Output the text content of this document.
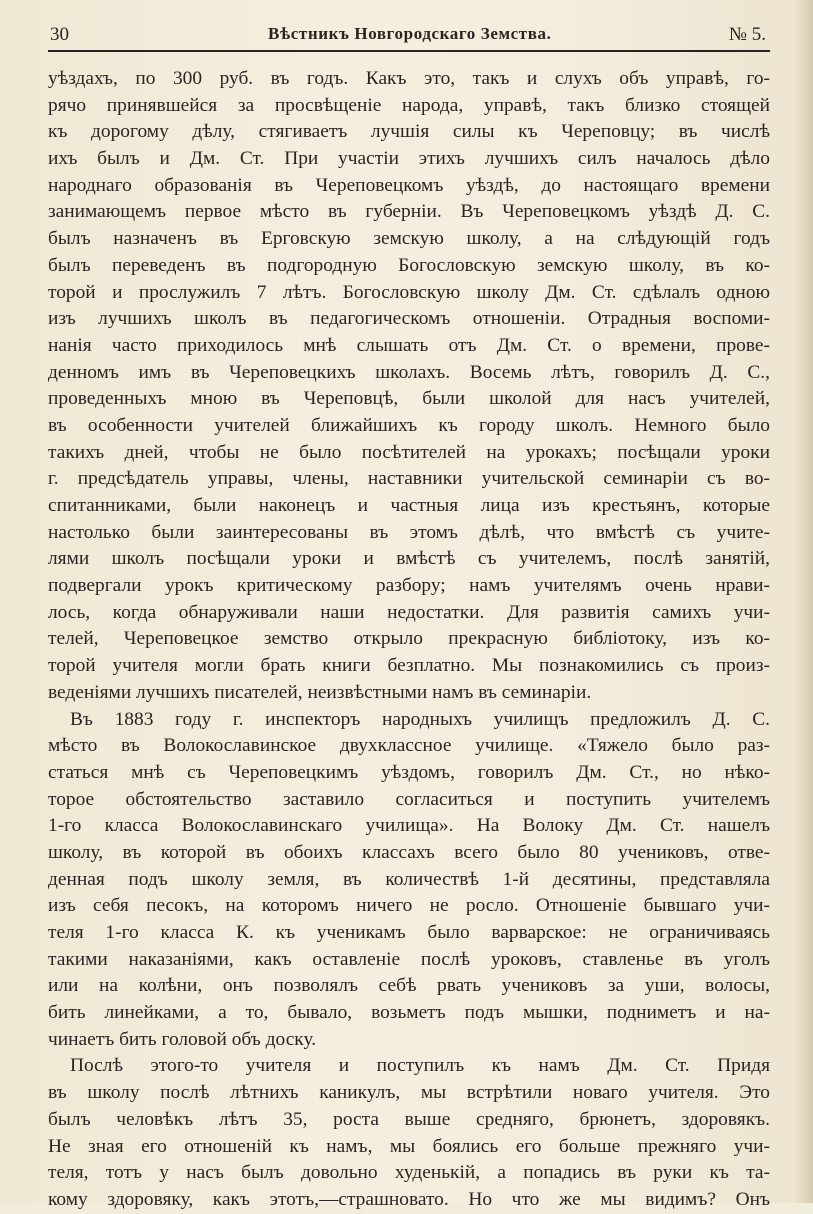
30	Вѣстникъ Новгородскаго Земства.	№ 5.
уѣздахъ, по 300 руб. въ годъ. Какъ это, такъ и слухъ объ управѣ, го-
рячо принявшейся за просвѣщеніе народа, управѣ, такъ близко стоящей
къ дорогому дѣлу, стягиваетъ лучшія силы къ Череповцу; въ числѣ
ихъ былъ и Дм. Ст. При участіи этихъ лучшихъ силъ началось дѣло
народнаго образованія въ Череповецкомъ уѣздѣ, до настоящаго времени
занимающемъ первое мѣсто въ губерніи. Въ Череповецкомъ уѣздѣ Д. С.
былъ назначенъ въ Ерговскую земскую школу, а на слѣдующій годъ
былъ переведенъ въ подгородную Богословскую земскую школу, въ ко-
торой и прослужилъ 7 лѣтъ. Богословскую школу Дм. Ст. сдѣлалъ одною
изъ лучшихъ школъ въ педагогическомъ отношеніи. Отрадныя воспоми-
нанія часто приходилось мнѣ слышать отъ Дм. Ст. о времени, прове-
денномъ имъ въ Череповецкихъ школахъ. Восемь лѣтъ, говорилъ Д. С.,
проведенныхъ мною въ Череповцѣ, были школой для насъ учителей,
въ особенности учителей ближайшихъ къ городу школъ. Немного было
такихъ дней, чтобы не было посѣтителей на урокахъ; посѣщали уроки
г. предсѣдатель управы, члены, наставники учительской семинаріи съ во-
спитанниками, были наконецъ и частныя лица изъ крестьянъ, которые
настолько были заинтересованы въ этомъ дѣлѣ, что вмѣстѣ съ учите-
лями школъ посѣщали уроки и вмѣстѣ съ учителемъ, послѣ занятій,
подвергали урокъ критическому разбору; намъ учителямъ очень нрави-
лось, когда обнаруживали наши недостатки. Для развитія самихъ учи-
телей, Череповецкое земство открыло прекрасную библіотоку, изъ ко-
торой учителя могли брать книги безплатно. Мы познакомились съ произ-
веденіями лучшихъ писателей, неизвѣстными намъ въ семинаріи.
Въ 1883 году г. инспекторъ народныхъ училищъ предложилъ Д. С.
мѣсто въ Волокославинское двухклассное училище. «Тяжело было раз-
статься мнѣ съ Череповецкимъ уѣздомъ, говорилъ Дм. Ст., но нѣко-
торое обстоятельство заставило согласиться и поступить учителемъ
1-го класса Волокославинскаго училища». На Волоку Дм. Ст. нашелъ
школу, въ которой въ обоихъ классахъ всего было 80 учениковъ, отве-
денная подъ школу земля, въ количествѣ 1-й десятины, представляла
изъ себя песокъ, на которомъ ничего не росло. Отношеніе бывшаго учи-
теля 1-го класса К. къ ученикамъ было варварское: не ограничиваясь
такими наказаніями, какъ оставленіе послѣ уроковъ, ставленье въ уголъ
или на колѣни, онъ позволялъ себѣ рвать учениковъ за уши, волосы,
бить линейками, а то, бывало, возьметъ подъ мышки, подниметъ и на-
чинаетъ бить головой объ доску.
Послѣ этого-то учителя и поступилъ къ намъ Дм. Ст. Придя
въ школу послѣ лѣтнихъ каникулъ, мы встрѣтили новаго учителя. Это
былъ человѣкъ лѣтъ 35, роста выше средняго, брюнетъ, здоровякъ.
Не зная его отношеній къ намъ, мы боялись его больше прежняго учи-
теля, тотъ у насъ былъ довольно худенькій, а попадись въ руки къ та-
кому здоровяку, какъ этотъ,—страшновато. Но что же мы видимъ? Онъ
